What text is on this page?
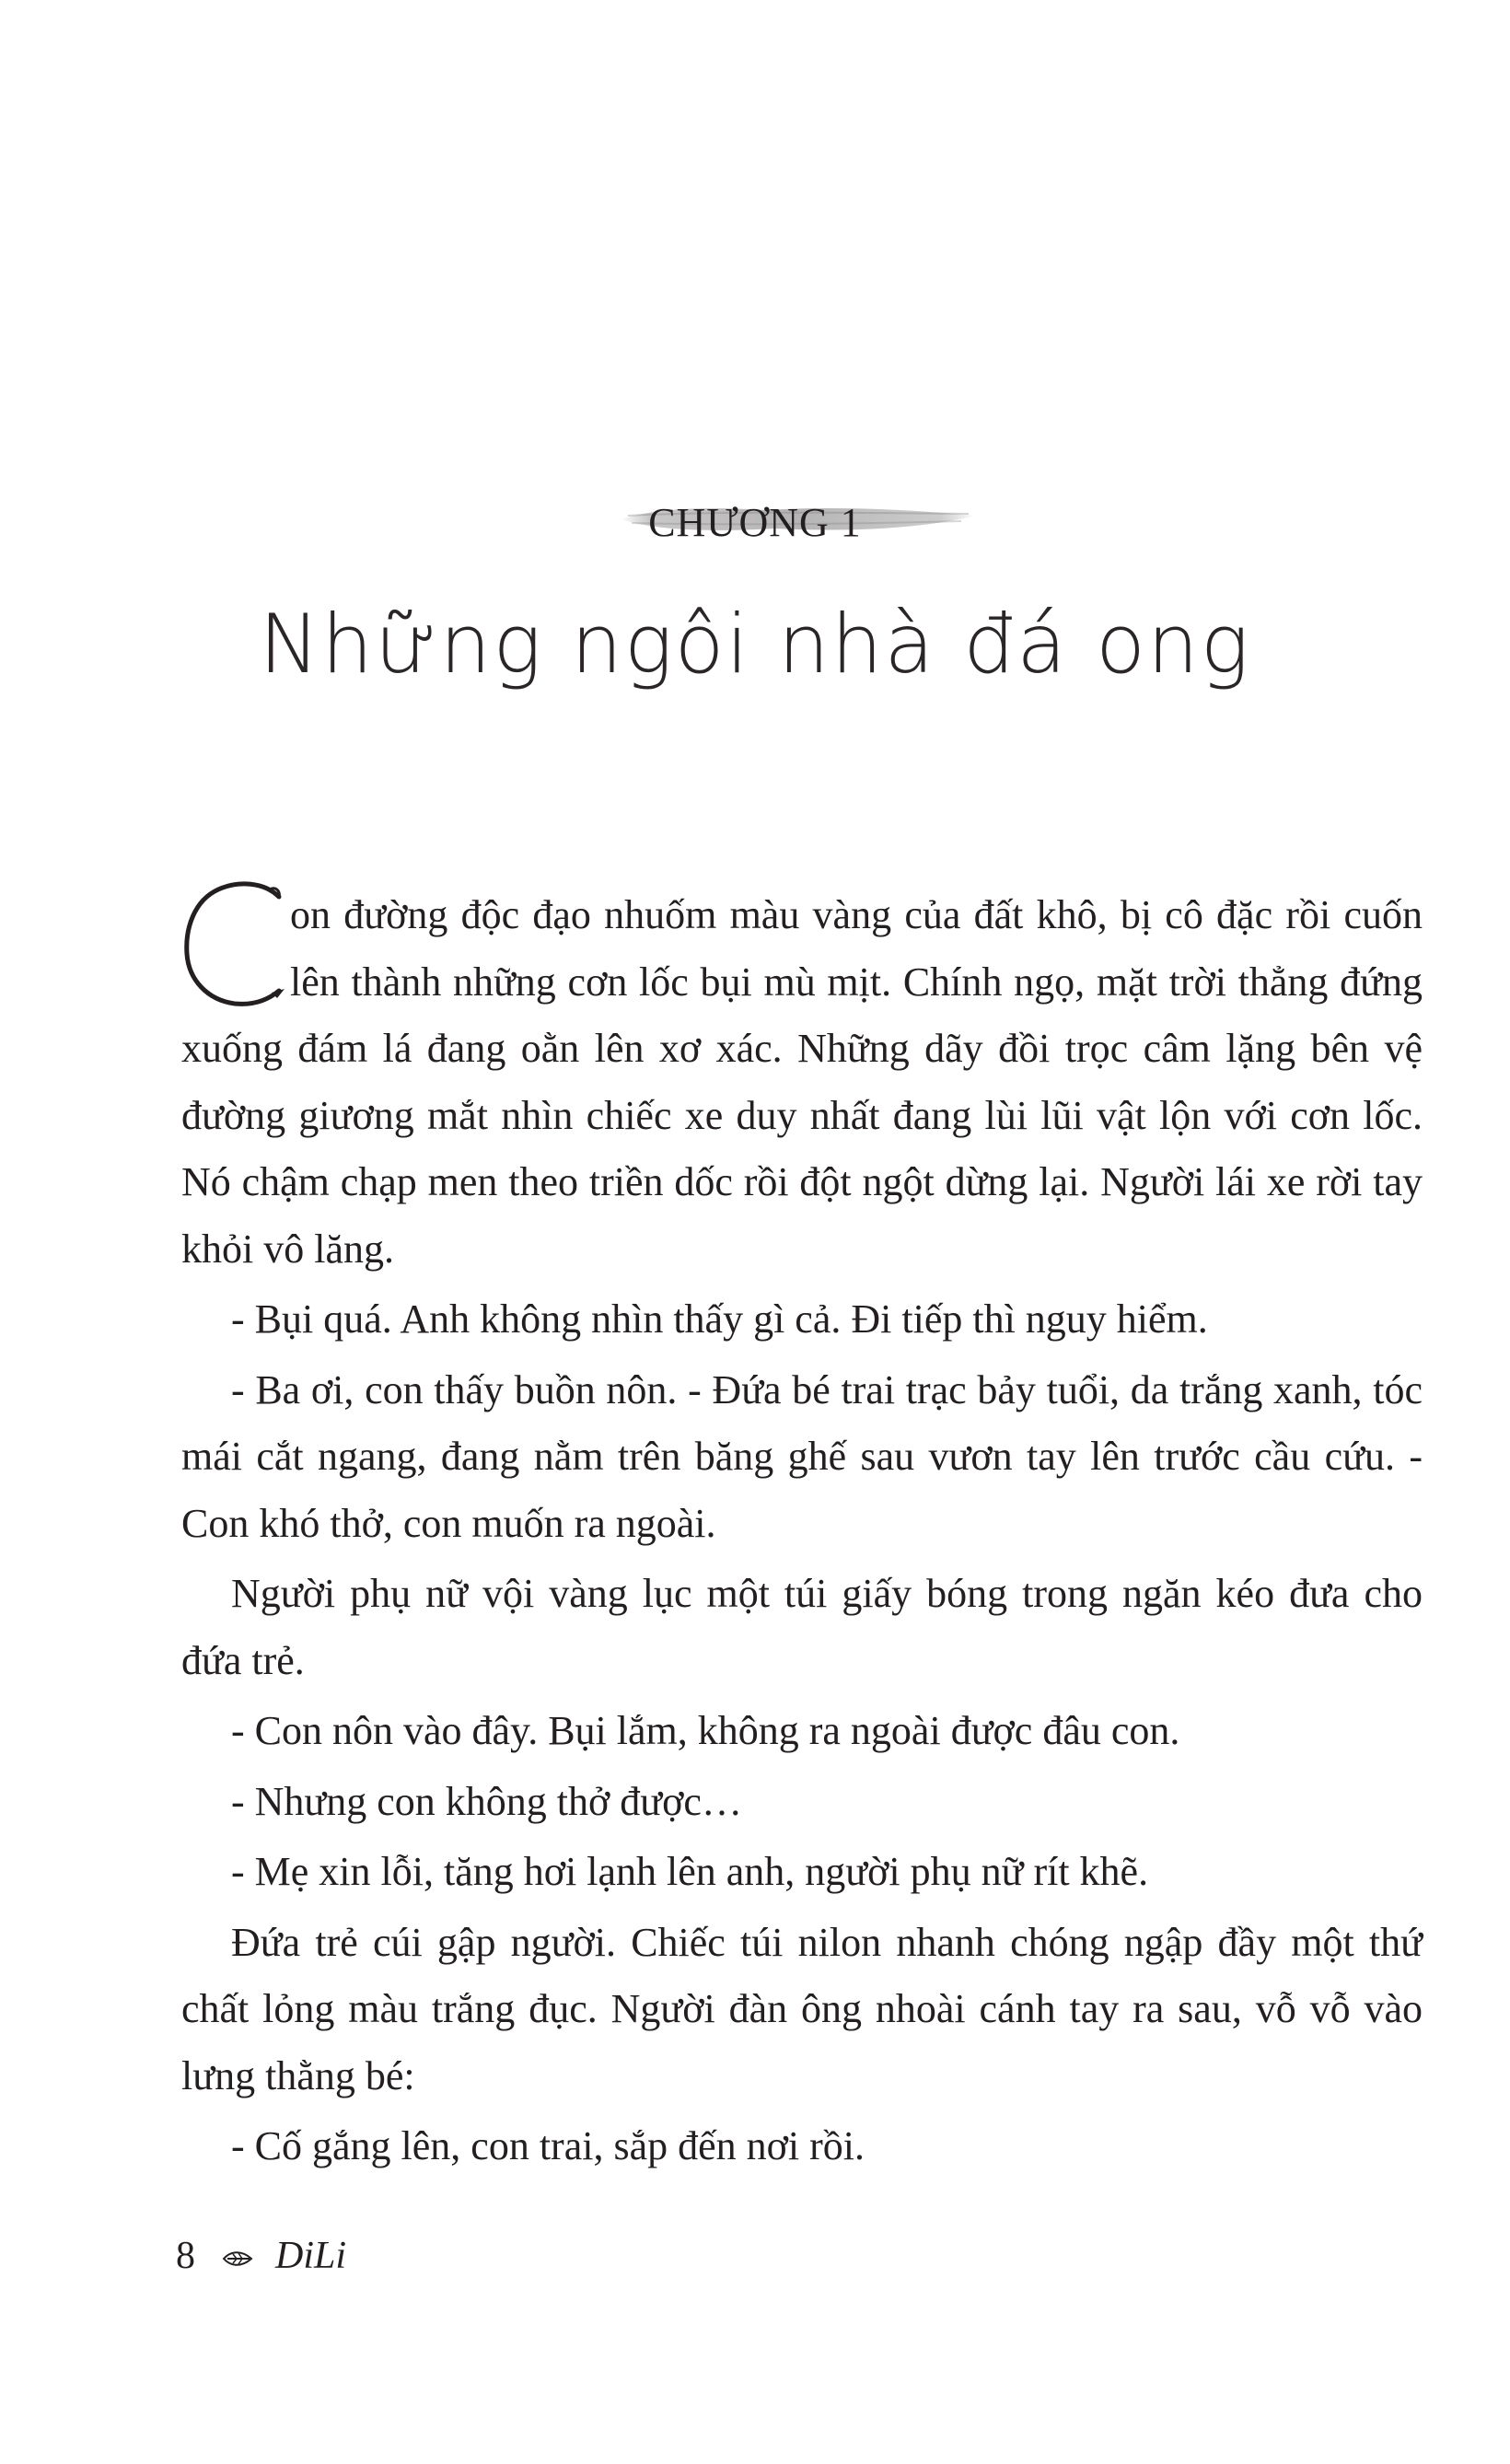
CHƯƠNG 1
Những ngôi nhà đá ong

on đường độc đạo nhuốm màu vàng của đất khô, bị cô đặc rồi cuốn lên thành những cơn lốc bụi mù mịt. Chính ngọ, mặt trời thẳng đứng xuống đám lá đang oằn lên xơ xác. Những dãy đồi trọc câm lặng bên vệ đường giương mắt nhìn chiếc xe duy nhất đang lùi lũi vật lộn với cơn lốc. Nó chậm chạp men theo triền dốc rồi đột ngột dừng lại. Người lái xe rời tay khỏi vô lăng.

- Bụi quá. Anh không nhìn thấy gì cả. Đi tiếp thì nguy hiểm.

- Ba ơi, con thấy buồn nôn. - Đứa bé trai trạc bảy tuổi, da trắng xanh, tóc mái cắt ngang, đang nằm trên băng ghế sau vươn tay lên trước cầu cứu. - Con khó thở, con muốn ra ngoài.

Người phụ nữ vội vàng lục một túi giấy bóng trong ngăn kéo đưa cho đứa trẻ.

- Con nôn vào đây. Bụi lắm, không ra ngoài được đâu con.

- Nhưng con không thở được…

- Mẹ xin lỗi, tăng hơi lạnh lên anh, người phụ nữ rít khẽ.

Đứa trẻ cúi gập người. Chiếc túi nilon nhanh chóng ngập đầy một thứ chất lỏng màu trắng đục. Người đàn ông nhoài cánh tay ra sau, vỗ vỗ vào lưng thằng bé:

- Cố gắng lên, con trai, sắp đến nơi rồi.

8 DiLi
